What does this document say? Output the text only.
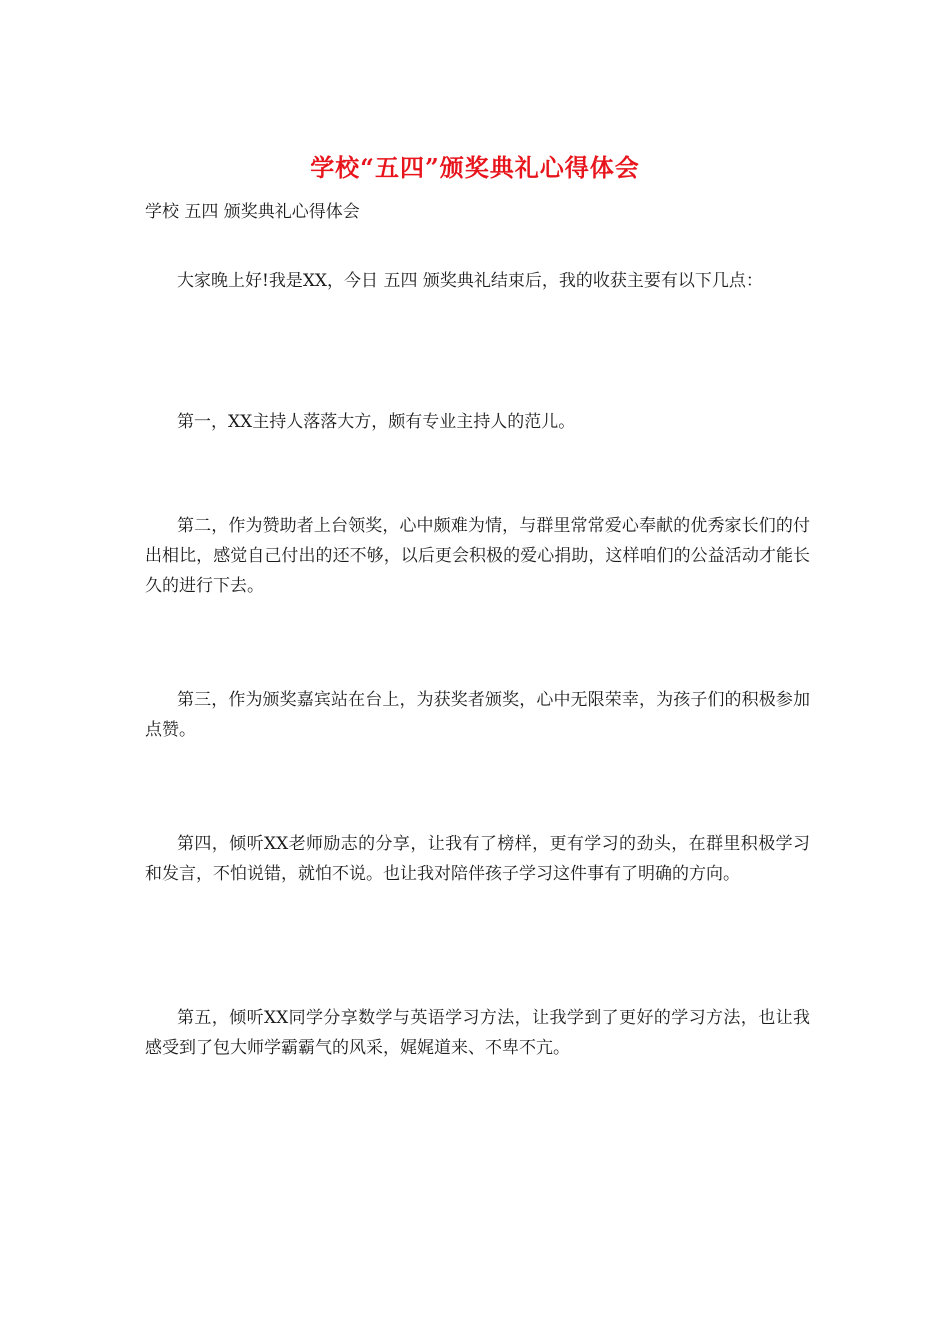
学校“五四”颁奖典礼心得体会
学校 五四 颁奖典礼心得体会

大家晚上好!我是XX，今日 五四 颁奖典礼结束后，我的收获主要有以下几点：

第一，XX主持人落落大方，颇有专业主持人的范儿。

第二，作为赞助者上台领奖，心中颇难为情，与群里常常爱心奉献的优秀家长们的付出相比，感觉自己付出的还不够，以后更会积极的爱心捐助，这样咱们的公益活动才能长久的进行下去。

第三，作为颁奖嘉宾站在台上，为获奖者颁奖，心中无限荣幸，为孩子们的积极参加点赞。

第四，倾听XX老师励志的分享，让我有了榜样，更有学习的劲头，在群里积极学习和发言，不怕说错，就怕不说。也让我对陪伴孩子学习这件事有了明确的方向。

第五，倾听XX同学分享数学与英语学习方法，让我学到了更好的学习方法，也让我感受到了包大师学霸霸气的风采，娓娓道来、不卑不亢。
